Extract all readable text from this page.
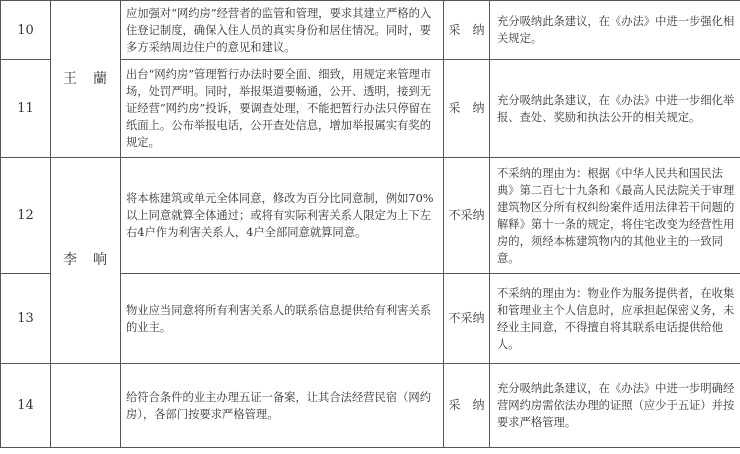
10	王　蘭	应加强对“网约房”经营者的监管和管理，要求其建立严格的入住登记制度，确保入住人员的真实身份和居住情况。同时，要多方采纳周边住户的意见和建议。	采　纳	充分吸纳此条建议，在《办法》中进一步强化相关规定。
11		出台“网约房”管理暂行办法时要全面、细致，用规定来管理市场，处罚严明。同时，举报渠道要畅通，公开、透明，接到无证经营“网约房”投诉，要调查处理，不能把暂行办法只停留在纸面上。公布举报电话，公开查处信息，增加举报属实有奖的规定。	采　纳	充分吸纳此条建议，在《办法》中进一步细化举报、查处、奖励和执法公开的相关规定。
12	李　响	将本栋建筑或单元全体同意，修改为百分比同意制，例如70%以上同意就算全体通过；或将有实际利害关系人限定为上下左右4户作为利害关系人，4户全部同意就算同意。	不采纳	不采纳的理由为：根据《中华人民共和国民法典》第二百七十九条和《最高人民法院关于审理建筑物区分所有权纠纷案件适用法律若干问题的解释》第十一条的规定，将住宅改变为经营性用房的，须经本栋建筑物内的其他业主的一致同意。
13		物业应当同意将所有利害关系人的联系信息提供给有利害关系的业主。	不采纳	不采纳的理由为：物业作为服务提供者，在收集和管理业主个人信息时，应承担起保密义务，未经业主同意，不得擅自将其联系电话提供给他人。
14		给符合条件的业主办理五证一备案，让其合法经营民宿（网约房），各部门按要求严格管理。	采　纳	充分吸纳此条建议，在《办法》中进一步明确经营网约房需依法办理的证照（应少于五证）并按要求严格管理。
